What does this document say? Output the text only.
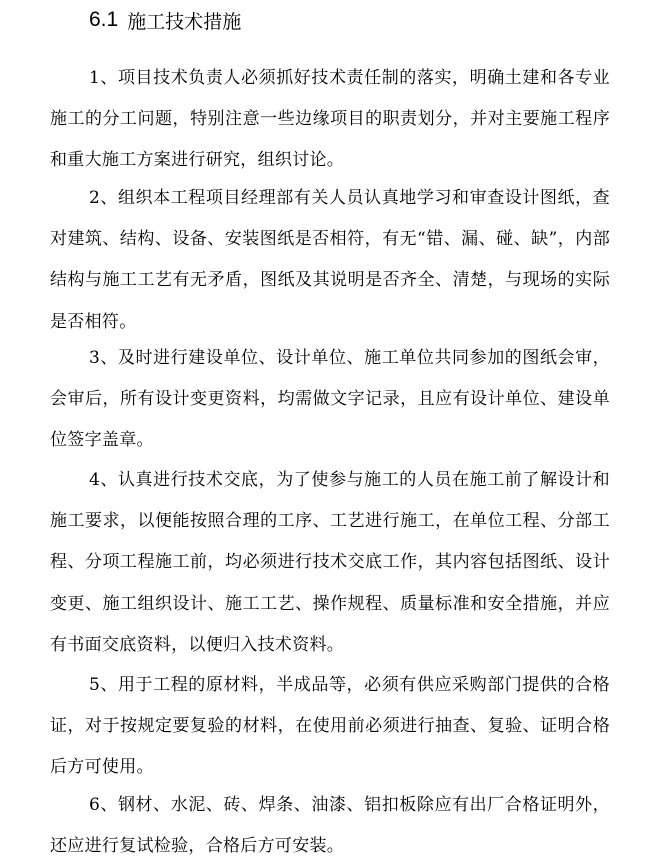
6.1 施工技术措施

1、项目技术负责人必须抓好技术责任制的落实，明确土建和各专业施工的分工问题，特别注意一些边缘项目的职责划分，并对主要施工程序和重大施工方案进行研究，组织讨论。

2、组织本工程项目经理部有关人员认真地学习和审查设计图纸，查对建筑、结构、设备、安装图纸是否相符，有无“错、漏、碰、缺”，内部结构与施工工艺有无矛盾，图纸及其说明是否齐全、清楚，与现场的实际是否相符。

3、及时进行建设单位、设计单位、施工单位共同参加的图纸会审，会审后，所有设计变更资料，均需做文字记录，且应有设计单位、建设单位签字盖章。

4、认真进行技术交底，为了使参与施工的人员在施工前了解设计和施工要求，以便能按照合理的工序、工艺进行施工，在单位工程、分部工程、分项工程施工前，均必须进行技术交底工作，其内容包括图纸、设计变更、施工组织设计、施工工艺、操作规程、质量标准和安全措施，并应有书面交底资料，以便归入技术资料。

5、用于工程的原材料，半成品等，必须有供应采购部门提供的合格证，对于按规定要复验的材料，在使用前必须进行抽查、复验、证明合格后方可使用。

6、钢材、水泥、砖、焊条、油漆、铝扣板除应有出厂合格证明外，还应进行复试检验，合格后方可安装。
